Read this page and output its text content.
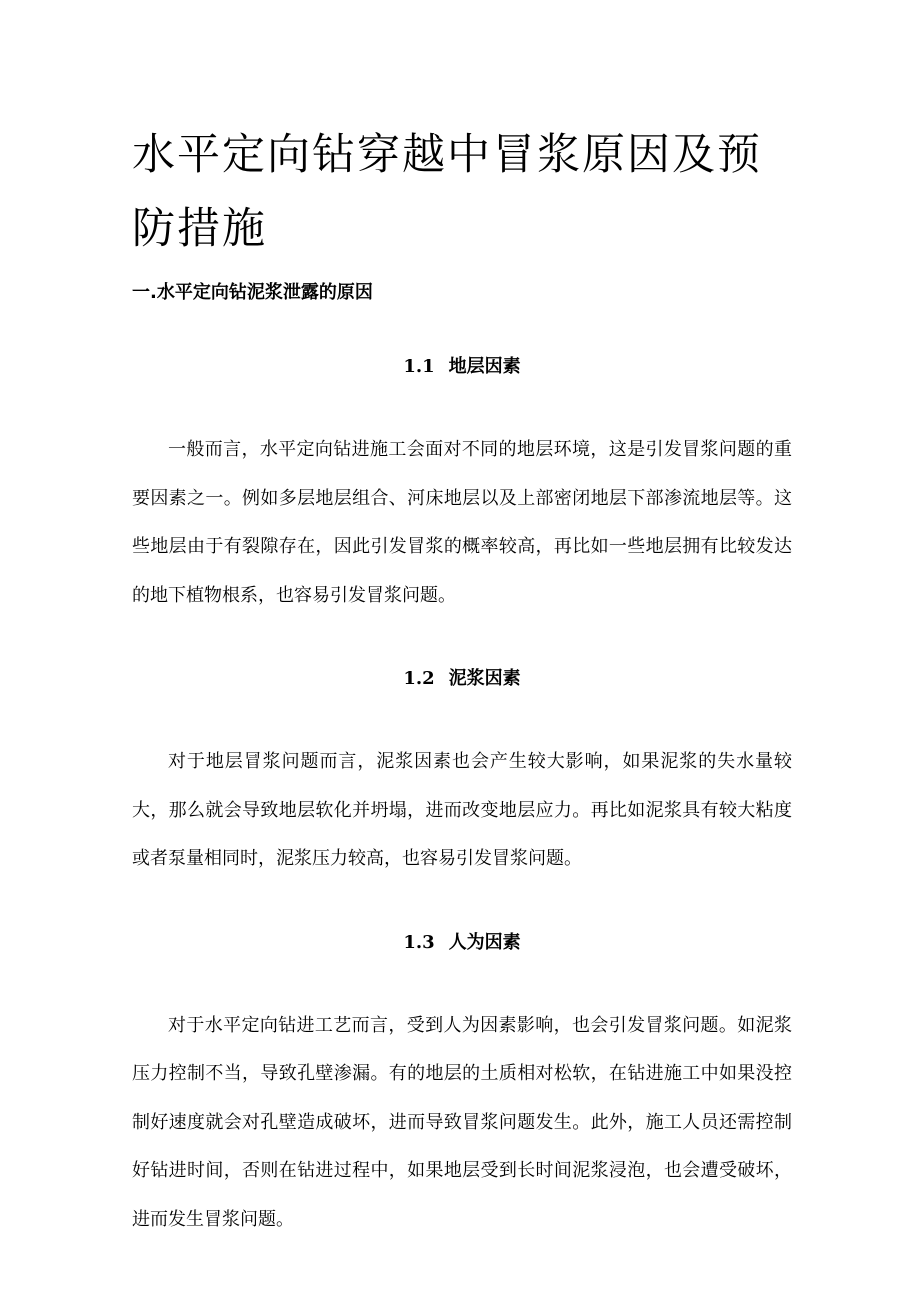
水平定向钻穿越中冒浆原因及预防措施
一.水平定向钻泥浆泄露的原因
1.1 地层因素

一般而言，水平定向钻进施工会面对不同的地层环境，这是引发冒浆问题的重要因素之一。例如多层地层组合、河床地层以及上部密闭地层下部渗流地层等。这些地层由于有裂隙存在，因此引发冒浆的概率较高，再比如一些地层拥有比较发达的地下植物根系，也容易引发冒浆问题。

1.2 泥浆因素

对于地层冒浆问题而言，泥浆因素也会产生较大影响，如果泥浆的失水量较大，那么就会导致地层软化并坍塌，进而改变地层应力。再比如泥浆具有较大粘度或者泵量相同时，泥浆压力较高，也容易引发冒浆问题。

1.3 人为因素

对于水平定向钻进工艺而言，受到人为因素影响，也会引发冒浆问题。如泥浆压力控制不当，导致孔壁渗漏。有的地层的土质相对松软，在钻进施工中如果没控制好速度就会对孔壁造成破坏，进而导致冒浆问题发生。此外，施工人员还需控制好钻进时间，否则在钻进过程中，如果地层受到长时间泥浆浸泡，也会遭受破坏，进而发生冒浆问题。
